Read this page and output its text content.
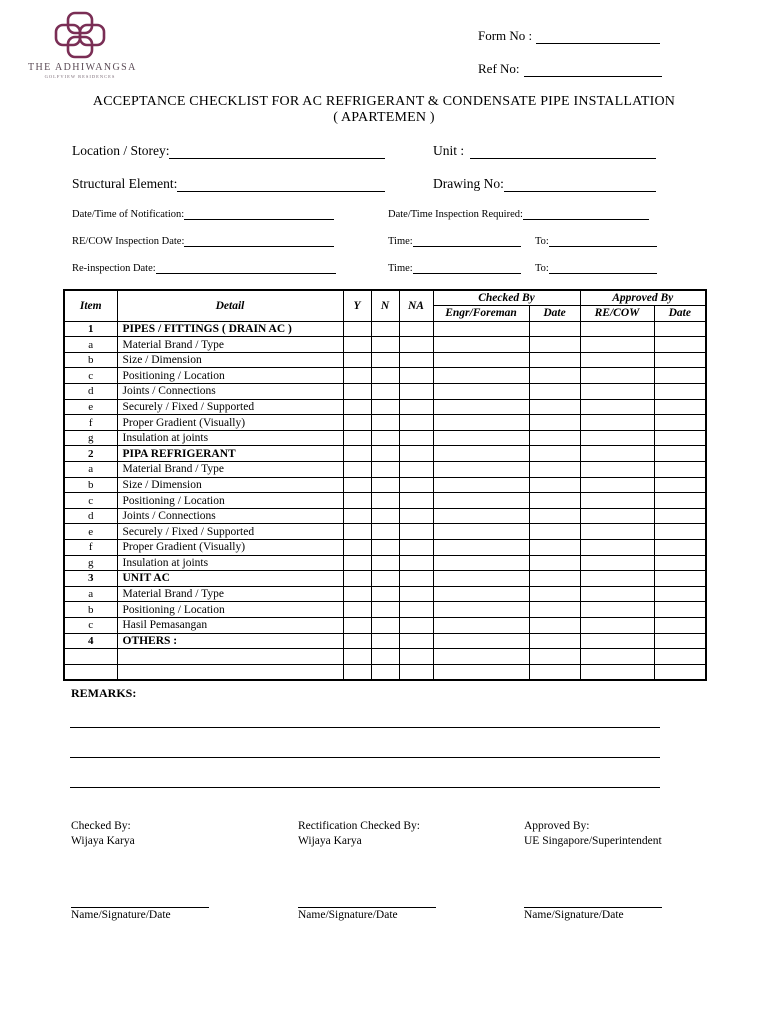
THE ADHIWANGSA
GOLFVIEW RESIDENCES
Form No :
Ref No:
ACCEPTANCE CHECKLIST FOR AC REFRIGERANT & CONDENSATE PIPE INSTALLATION
( APARTEMEN )
Location / Storey:	Unit :
Structural Element:	Drawing No:
Date/Time of Notification:	Date/Time Inspection Required:
RE/COW Inspection Date:	Time:	To:
Re-inspection Date:	Time:	To:
Item	Detail	Y	N	NA	Checked By		Approved By	
					Engr/Foreman	Date	RE/COW	Date
1	PIPES / FITTINGS ( DRAIN AC )							
a	Material Brand / Type							
b	Size / Dimension							
c	Positioning / Location							
d	Joints / Connections							
e	Securely / Fixed / Supported							
f	Proper Gradient (Visually)							
g	Insulation at joints							
2	PIPA REFRIGERANT							
a	Material Brand / Type							
b	Size / Dimension							
c	Positioning / Location							
d	Joints / Connections							
e	Securely / Fixed / Supported							
f	Proper Gradient (Visually)							
g	Insulation at joints							
3	UNIT AC							
a	Material Brand / Type							
b	Positioning / Location							
c	Hasil Pemasangan							
4	OTHERS :							

REMARKS:
Checked By:
Wijaya Karya
Rectification Checked By:
Wijaya Karya
Approved By:
UE Singapore/Superintendent
Name/Signature/Date	Name/Signature/Date	Name/Signature/Date
